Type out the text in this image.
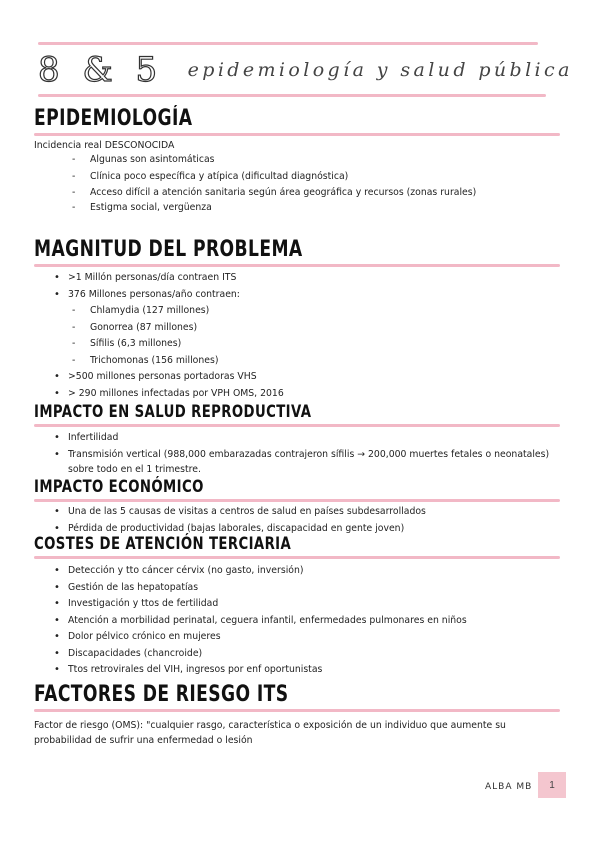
8 & 5 epidemiología y salud pública
EPIDEMIOLOGÍA
Incidencia real DESCONOCIDA
- Algunas son asintomáticas
- Clínica poco específica y atípica (dificultad diagnóstica)
- Acceso difícil a atención sanitaria según área geográfica y recursos (zonas rurales)
- Estigma social, vergüenza
MAGNITUD DEL PROBLEMA
• >1 Millón personas/día contraen ITS
• 376 Millones personas/año contraen:
- Chlamydia (127 millones)
- Gonorrea (87 millones)
- Sífilis (6,3 millones)
- Trichomonas (156 millones)
• >500 millones personas portadoras VHS
• > 290 millones infectadas por VPH OMS, 2016
IMPACTO EN SALUD REPRODUCTIVA
• Infertilidad
• Transmisión vertical (988,000 embarazadas contrajeron sífilis → 200,000 muertes fetales o neonatales) sobre todo en el 1 trimestre.
IMPACTO ECONÓMICO
• Una de las 5 causas de visitas a centros de salud en países subdesarrollados
• Pérdida de productividad (bajas laborales, discapacidad en gente joven)
COSTES DE ATENCIÓN TERCIARIA
• Detección y tto cáncer cérvix (no gasto, inversión)
• Gestión de las hepatopatías
• Investigación y ttos de fertilidad
• Atención a morbilidad perinatal, ceguera infantil, enfermedades pulmonares en niños
• Dolor pélvico crónico en mujeres
• Discapacidades (chancroide)
• Ttos retrovirales del VIH, ingresos por enf oportunistas
FACTORES DE RIESGO ITS
Factor de riesgo (OMS): "cualquier rasgo, característica o exposición de un individuo que aumente su probabilidad de sufrir una enfermedad o lesión
ALBA MB	1
